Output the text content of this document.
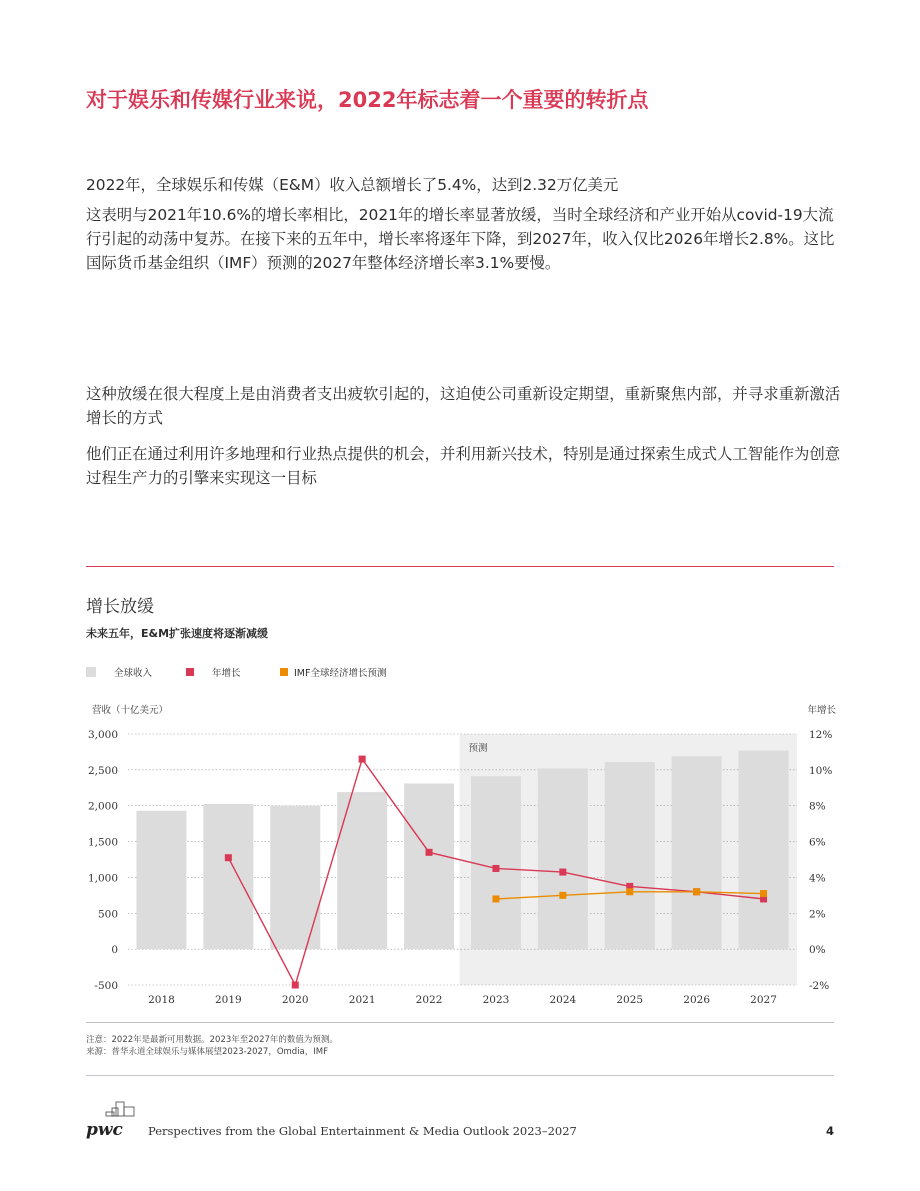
对于娱乐和传媒行业来说，2022年标志着一个重要的转折点

2022年，全球娱乐和传媒（E&M）收入总额增长了5.4%，达到2.32万亿美元

这表明与2021年10.6%的增长率相比，2021年的增长率显著放缓，当时全球经济和产业开始从covid-19大流行引起的动荡中复苏。在接下来的五年中，增长率将逐年下降，到2027年，收入仅比2026年增长2.8%。这比国际货币基金组织（IMF）预测的2027年整体经济增长率3.1%要慢。

这种放缓在很大程度上是由消费者支出疲软引起的，这迫使公司重新设定期望，重新聚焦内部，并寻求重新激活增长的方式

他们正在通过利用许多地理和行业热点提供的机会，并利用新兴技术，特别是通过探索生成式人工智能作为创意过程生产力的引擎来实现这一目标

增长放缓
未来五年，E&M扩张速度将逐渐减缓
全球收入	年增长	IMF全球经济增长预测
预测
-500
0
500
1,000
1,500
2,000
2,500
3,000
-2%
0%
2%
4%
6%
8%
10%
12%
营收（十亿美元）	年增长
2018	2019	2020	2021	2022	2023	2024	2025	2026	2027
注意：2022年是最新可用数据。2023年至2027年的数值为预测。
来源：普华永道全球娱乐与媒体展望2023-2027，Omdia，IMF
pwc Perspectives from the Global Entertainment & Media Outlook 2023–2027	4
